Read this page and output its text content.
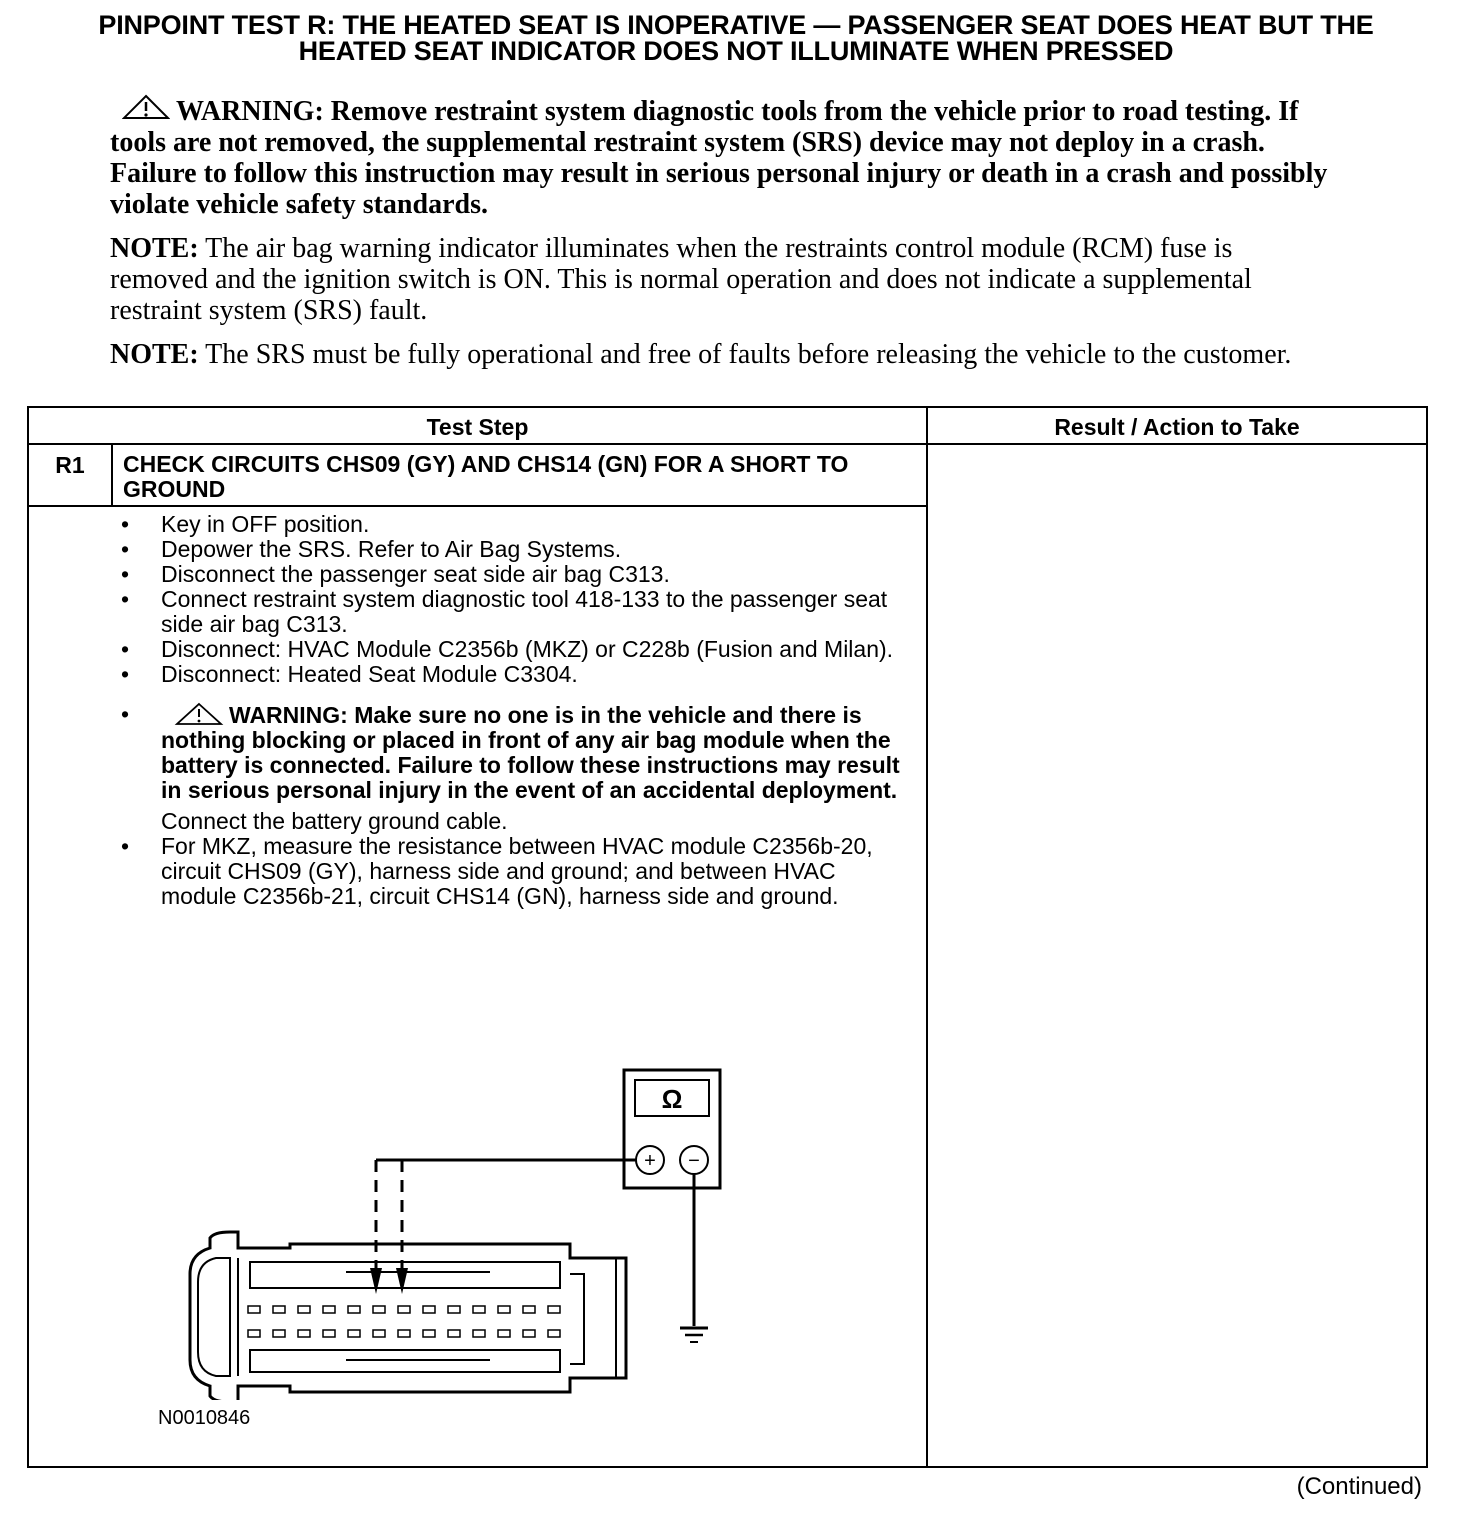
PINPOINT TEST R: THE HEATED SEAT IS INOPERATIVE — PASSENGER SEAT DOES HEAT BUT THE
HEATED SEAT INDICATOR DOES NOT ILLUMINATE WHEN PRESSED
WARNING: Remove restraint system diagnostic tools from the vehicle prior to road testing. If tools are not removed, the supplemental restraint system (SRS) device may not deploy in a crash. Failure to follow this instruction may result in serious personal injury or death in a crash and possibly violate vehicle safety standards.
NOTE: The air bag warning indicator illuminates when the restraints control module (RCM) fuse is removed and the ignition switch is ON. This is normal operation and does not indicate a supplemental restraint system (SRS) fault.
NOTE: The SRS must be fully operational and free of faults before releasing the vehicle to the customer.
Test Step	Result / Action to Take
R1	CHECK CIRCUITS CHS09 (GY) AND CHS14 (GN) FOR A SHORT TO GROUND
• Key in OFF position.
• Depower the SRS. Refer to Air Bag Systems.
• Disconnect the passenger seat side air bag C313.
• Connect restraint system diagnostic tool 418-133 to the passenger seat side air bag C313.
• Disconnect: HVAC Module C2356b (MKZ) or C228b (Fusion and Milan).
• Disconnect: Heated Seat Module C3304.
•	WARNING: Make sure no one is in the vehicle and there is nothing blocking or placed in front of any air bag module when the battery is connected. Failure to follow these instructions may result in serious personal injury in the event of an accidental deployment.
Connect the battery ground cable.
• For MKZ, measure the resistance between HVAC module C2356b-20, circuit CHS09 (GY), harness side and ground; and between HVAC module C2356b-21, circuit CHS14 (GN), harness side and ground.
Ω
+ −
N0010846
(Continued)
